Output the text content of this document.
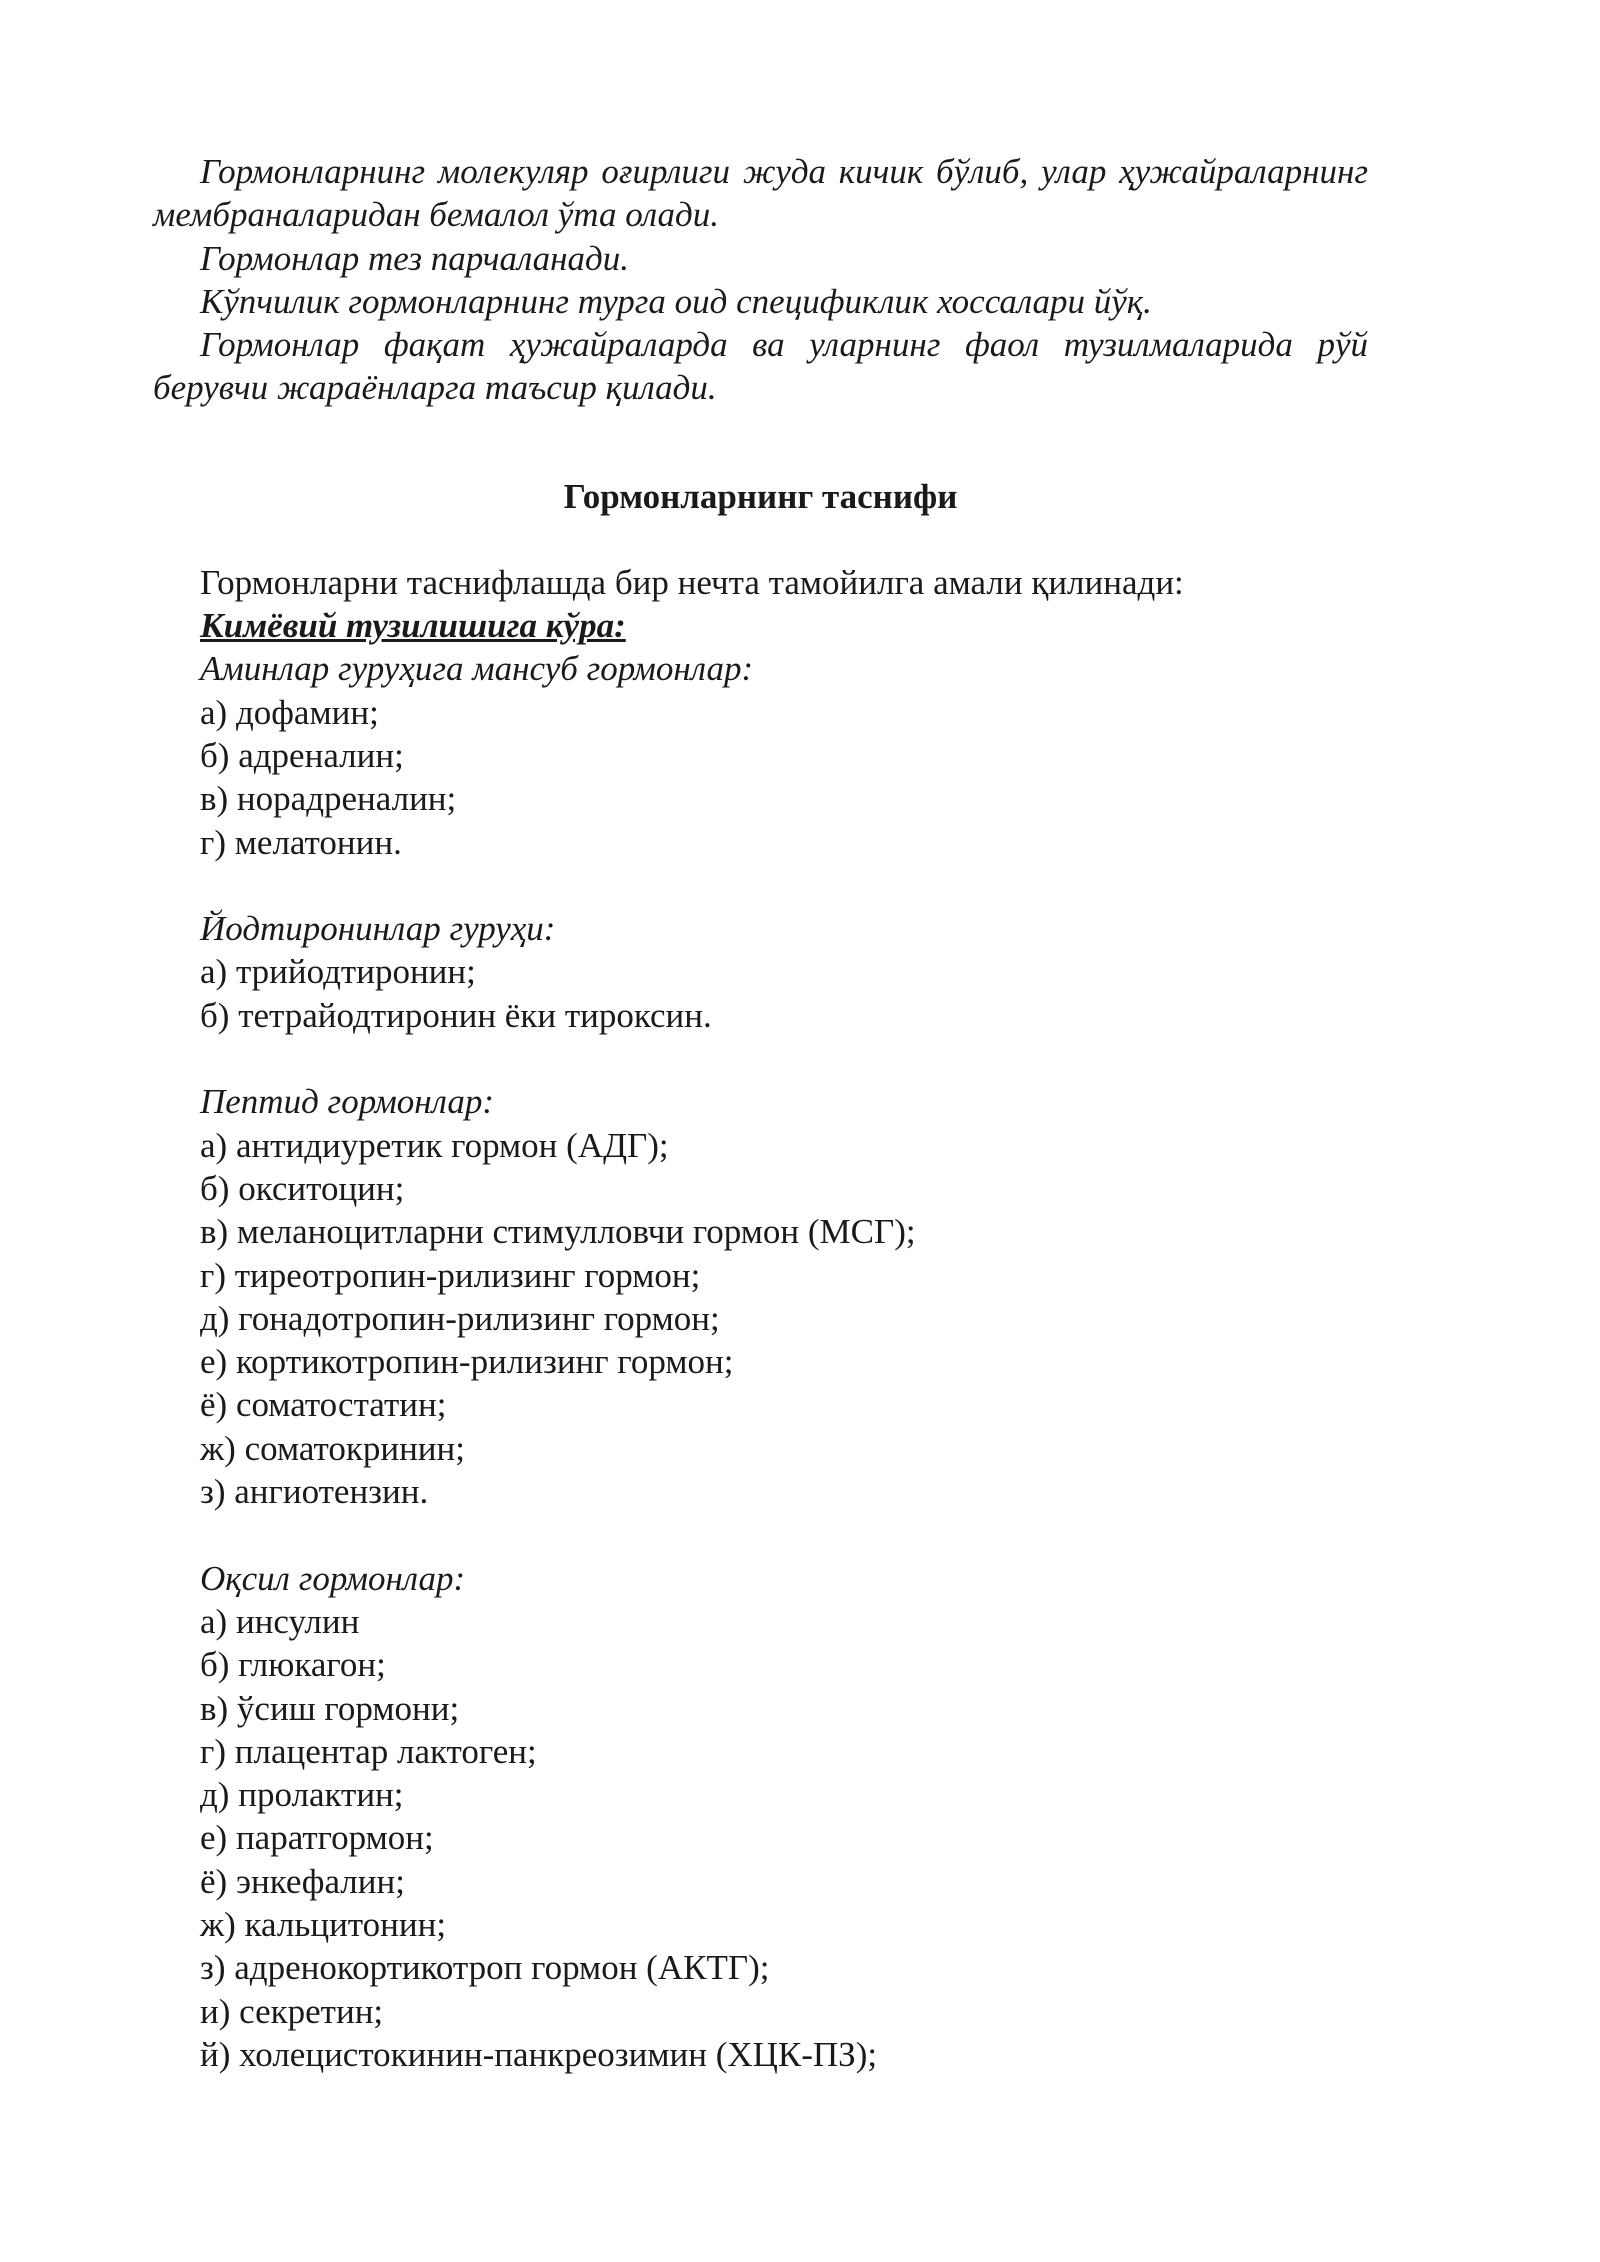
Гормонларнинг молекуляр оғирлиги жуда кичик бўлиб, улар ҳужайраларнинг мембраналаридан бемалол ўта олади.

Гормонлар тез парчаланади.

Кўпчилик гормонларнинг турга оид спецификлик хоссалари йўқ.

Гормонлар фақат ҳужайраларда ва уларнинг фаол тузилмаларида рўй берувчи жараёнларга таъсир қилади.

Гормонларнинг таснифи

Гормонларни таснифлашда бир нечта тамойилга амали қилинади:

Кимёвий тузилишига кўра:

Аминлар гуруҳига мансуб гормонлар:

а) дофамин;
б) адреналин;
в) норадреналин;
г) мелатонин.

Йодтиронинлар гуруҳи:

а) трийодтиронин;
б) тетрайодтиронин ёки тироксин.

Пептид гормонлар:

а) антидиуретик гормон (АДГ);
б) окситоцин;
в) меланоцитларни стимулловчи гормон (МСГ);
г) тиреотропин-рилизинг гормон;
д) гонадотропин-рилизинг гормон;
е) кортикотропин-рилизинг гормон;
ё) соматостатин;
ж) соматокринин;
з) ангиотензин.

Оқсил гормонлар:

а) инсулин
б) глюкагон;
в) ўсиш гормони;
г) плацентар лактоген;
д) пролактин;
е) паратгормон;
ё) энкефалин;
ж) кальцитонин;
з) адренокортикотроп гормон (АКТГ);
и) секретин;
й) холецистокинин-панкреозимин (ХЦК-ПЗ);
